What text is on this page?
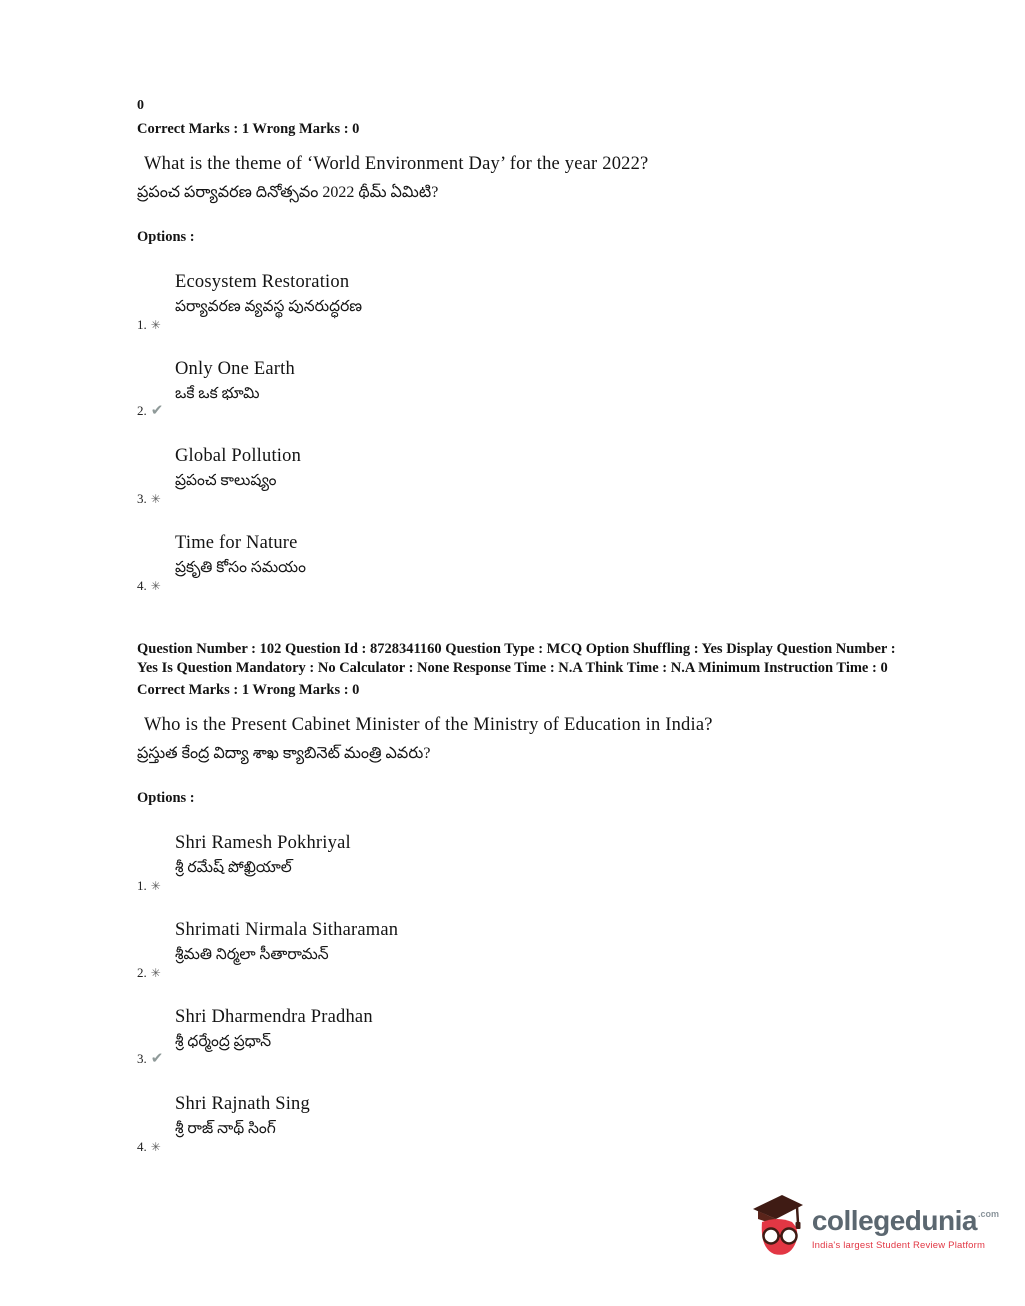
0
Correct Marks : 1 Wrong Marks : 0
What is the theme of ‘World Environment Day’ for the year 2022?
ప్రపంచ పర్యావరణ దినోత్సవం 2022 థీమ్ ఏమిటి?
Options :
Ecosystem Restoration
పర్యావరణ వ్యవస్థ పునరుద్ధరణ
1. ✳
Only One Earth
ఒకే ఒక భూమి
2. ✔
Global Pollution
ప్రపంచ కాలుష్యం
3. ✳
Time for Nature
ప్రకృతి కోసం సమయం
4. ✳
Question Number : 102 Question Id : 8728341160 Question Type : MCQ Option Shuffling : Yes Display Question Number : Yes Is Question Mandatory : No Calculator : None Response Time : N.A Think Time : N.A Minimum Instruction Time : 0
Correct Marks : 1 Wrong Marks : 0
Who is the Present Cabinet Minister of the Ministry of Education in India?
ప్రస్తుత కేంద్ర విద్యా శాఖ క్యాబినెట్ మంత్రి ఎవరు?
Options :
Shri Ramesh Pokhriyal
శ్రీ రమేష్ పోఖ్రియాల్
1. ✳
Shrimati Nirmala Sitharaman
శ్రీమతి నిర్మలా సీతారామన్
2. ✳
Shri Dharmendra Pradhan
శ్రీ ధర్మేంద్ర ప్రధాన్
3. ✔
Shri Rajnath Sing
శ్రీ రాజ్ నాథ్ సింగ్
4. ✳
collegedunia .com
India's largest Student Review Platform
